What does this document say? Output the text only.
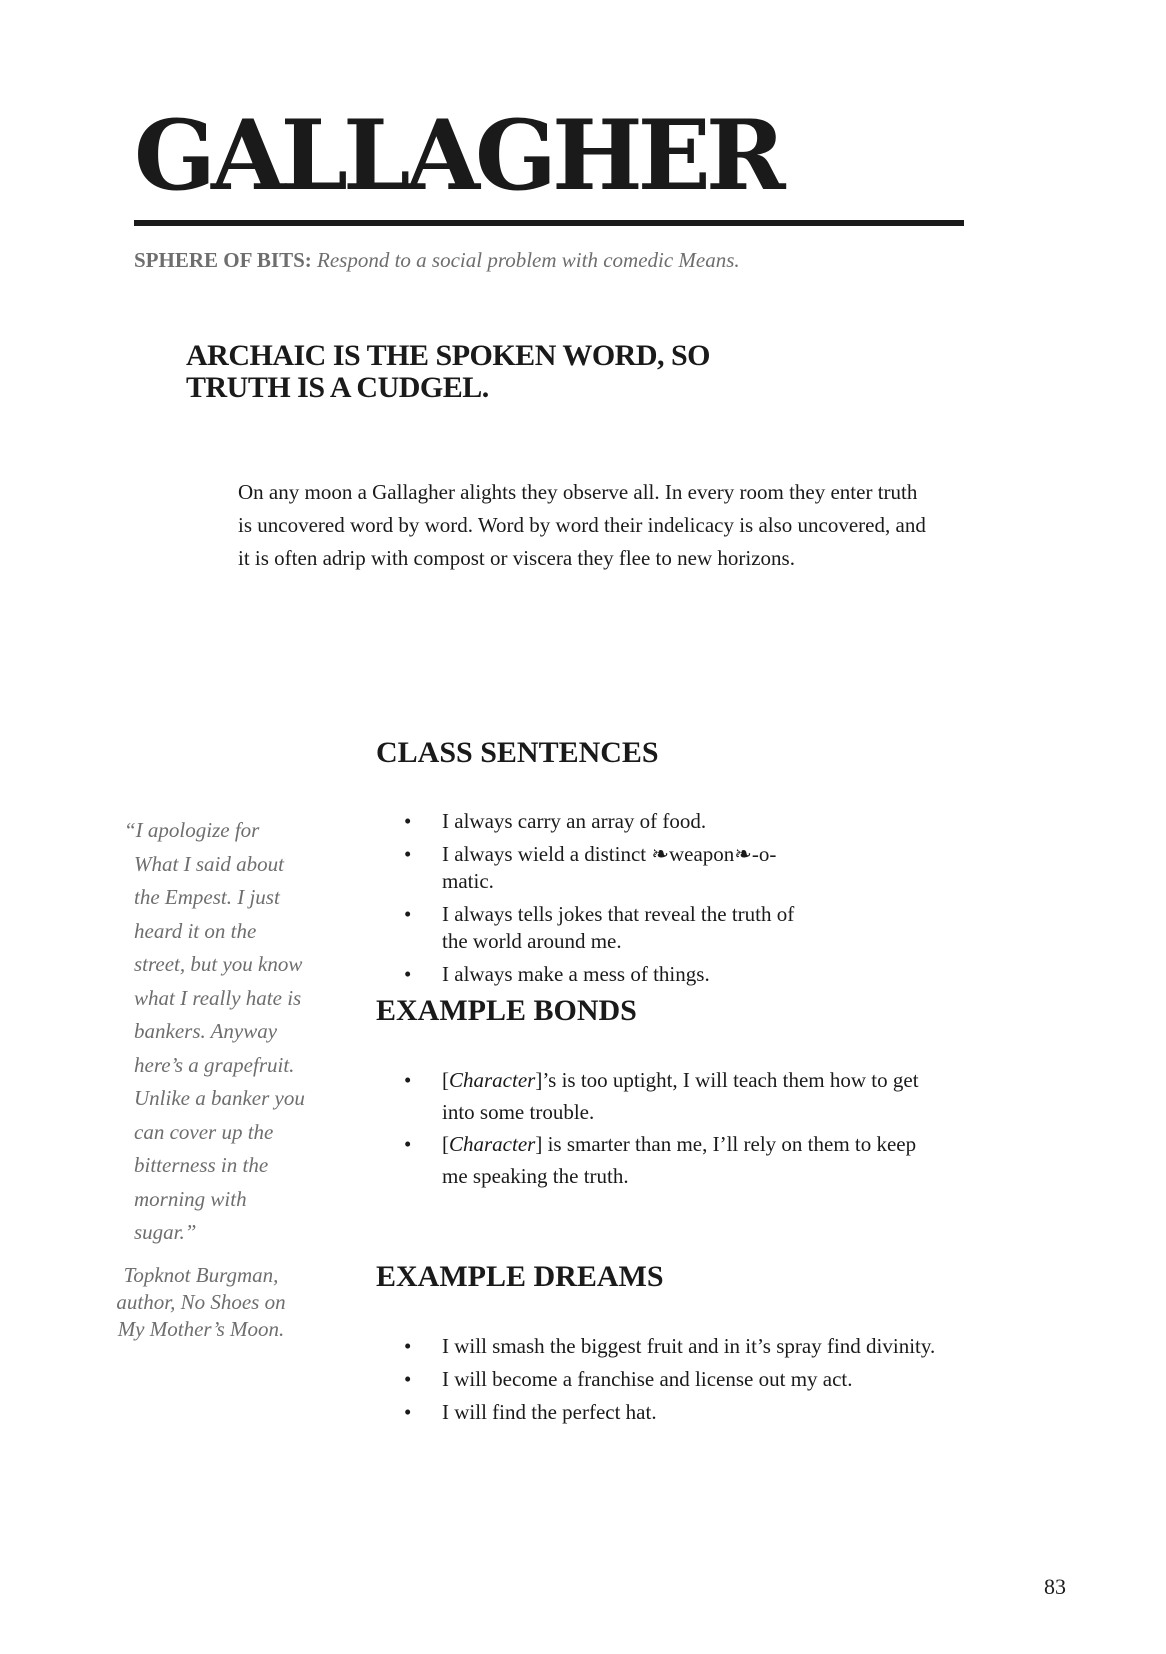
GALLAGHER
SPHERE OF BITS: Respond to a social problem with comedic Means.
ARCHAIC IS THE SPOKEN WORD, SO
TRUTH IS A CUDGEL.
On any moon a Gallagher alights they observe all. In every room they enter truth
is uncovered word by word. Word by word their indelicacy is also uncovered, and
it is often adrip with compost or viscera they flee to new horizons.
CLASS SENTENCES
• I always carry an array of food.
• I always wield a distinct ❧weapon❧-o-
matic.
• I always tells jokes that reveal the truth of
the world around me.
• I always make a mess of things.
EXAMPLE BONDS
• [Character]’s is too uptight, I will teach them how to get
into some trouble.
• [Character] is smarter than me, I’ll rely on them to keep
me speaking the truth.
EXAMPLE DREAMS
• I will smash the biggest fruit and in it’s spray find divinity.
• I will become a franchise and license out my act.
• I will find the perfect hat.
“I apologize for
What I said about
the Empest. I just
heard it on the
street, but you know
what I really hate is
bankers. Anyway
here’s a grapefruit.
Unlike a banker you
can cover up the
bitterness in the
morning with
sugar.”
Topknot Burgman,
author, No Shoes on
My Mother’s Moon.
83
